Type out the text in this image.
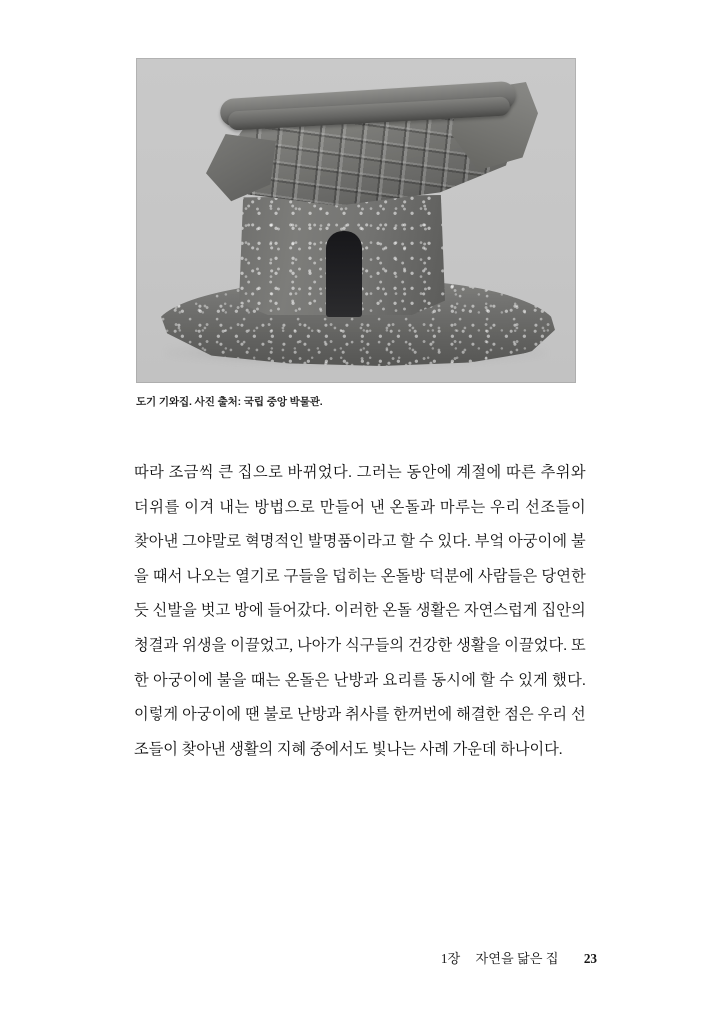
도기 기와집. 사진 출처: 국립 중앙 박물관.
따 라
조 금 씩
큰
집 으 로
바 뀌 었 다 .
그 러 는
동 안 에
계 절 에
따 른
추 위 와
더 위 를
이 겨
내 는
방 법 으 로
만 들 어
낸
온 돌 과
마 루 는
우 리
선 조 들 이
찾 아 낸
그 야 말 로
혁 명 적 인
발 명 품 이 라 고
할
수
있 다 .
부 엌
아 궁 이 에
불
을
때 서
나 오 는
열 기 로
구 들 을
덥 히 는
온 돌 방
덕 분 에
사 람 들 은
당 연 한
듯
신 발 을
벗 고
방 에
들 어 갔 다 .
이 러 한
온 돌
생 활 은
자 연 스 럽 게
집 안 의
청 결 과
위 생 을
이 끌 었 고 ,
나 아 가
식 구 들 의
건 강 한
생 활 을
이 끌 었 다 .
또
한
아 궁 이 에
불 을
때 는
온 돌 은
난 방 과
요 리 를
동 시 에
할
수
있 게
했 다 .
이 렇 게
아 궁 이 에
땐
불 로
난 방 과
취 사 를
한 꺼 번 에
해 결 한
점 은
우 리
선
조들이 찾아낸 생활의 지혜 중에서도 빛나는 사례 가운데 하나이다.
1장 자연을 닮은 집 23
